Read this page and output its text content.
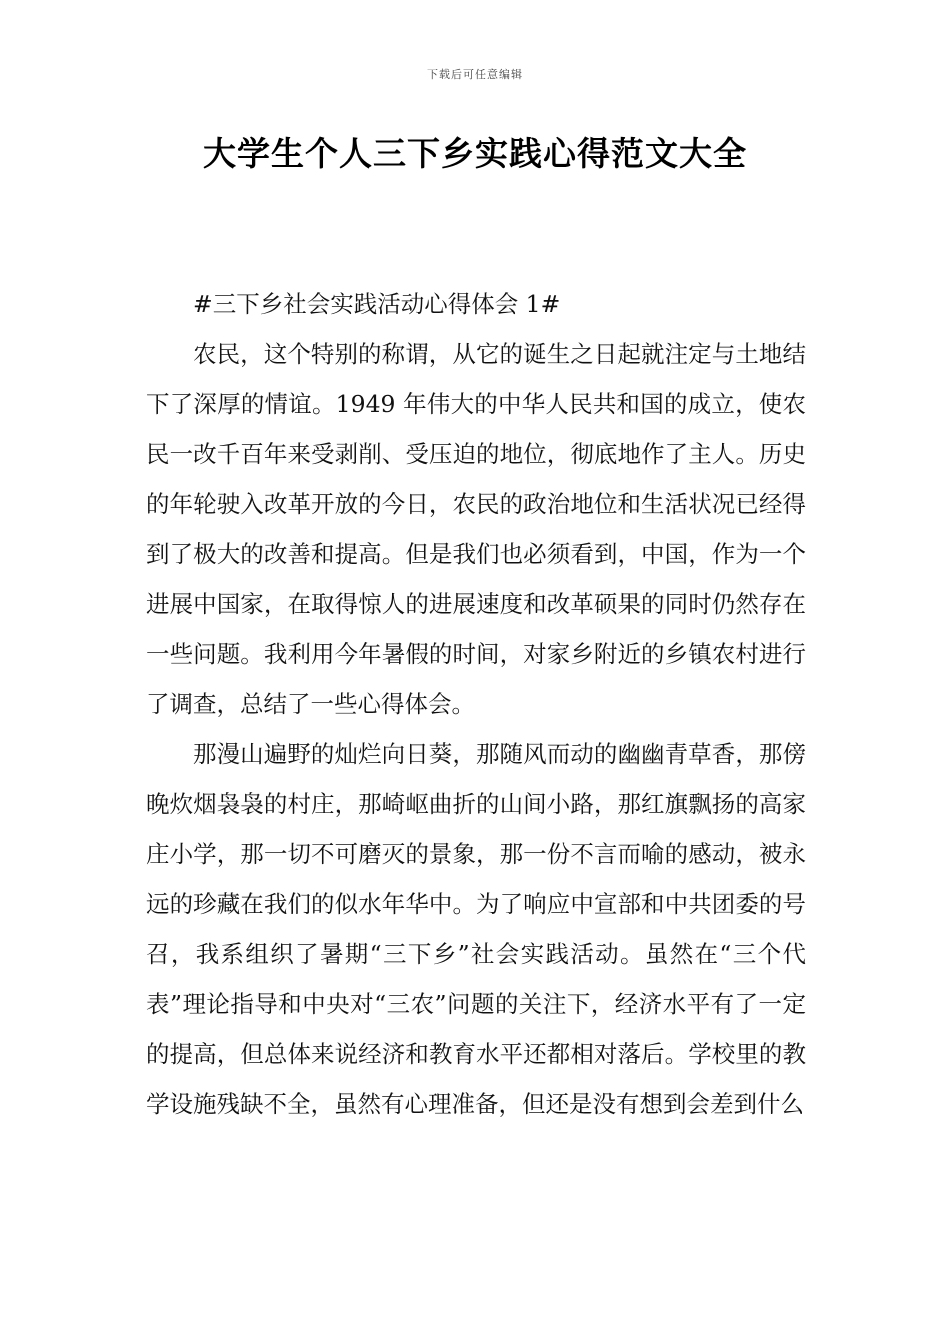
下载后可任意编辑
大学生个人三下乡实践心得范文大全
#三下乡社会实践活动心得体会 1#

农民，这个特别的称谓，从它的诞生之日起就注定与土地结下了深厚的情谊。1949 年伟大的中华人民共和国的成立，使农民一改千百年来受剥削、受压迫的地位，彻底地作了主人。历史的年轮驶入改革开放的今日，农民的政治地位和生活状况已经得到了极大的改善和提高。但是我们也必须看到，中国，作为一个进展中国家，在取得惊人的进展速度和改革硕果的同时仍然存在一些问题。我利用今年暑假的时间，对家乡附近的乡镇农村进行了调查，总结了一些心得体会。

那漫山遍野的灿烂向日葵，那随风而动的幽幽青草香，那傍晚炊烟袅袅的村庄，那崎岖曲折的山间小路，那红旗飘扬的高家庄小学，那一切不可磨灭的景象，那一份不言而喻的感动，被永远的珍藏在我们的似水年华中。为了响应中宣部和中共团委的号召，我系组织了暑期“三下乡”社会实践活动。虽然在“三个代表”理论指导和中央对“三农”问题的关注下，经济水平有了一定的提高，但总体来说经济和教育水平还都相对落后。学校里的教学设施残缺不全，虽然有心理准备，但还是没有想到会差到什么
